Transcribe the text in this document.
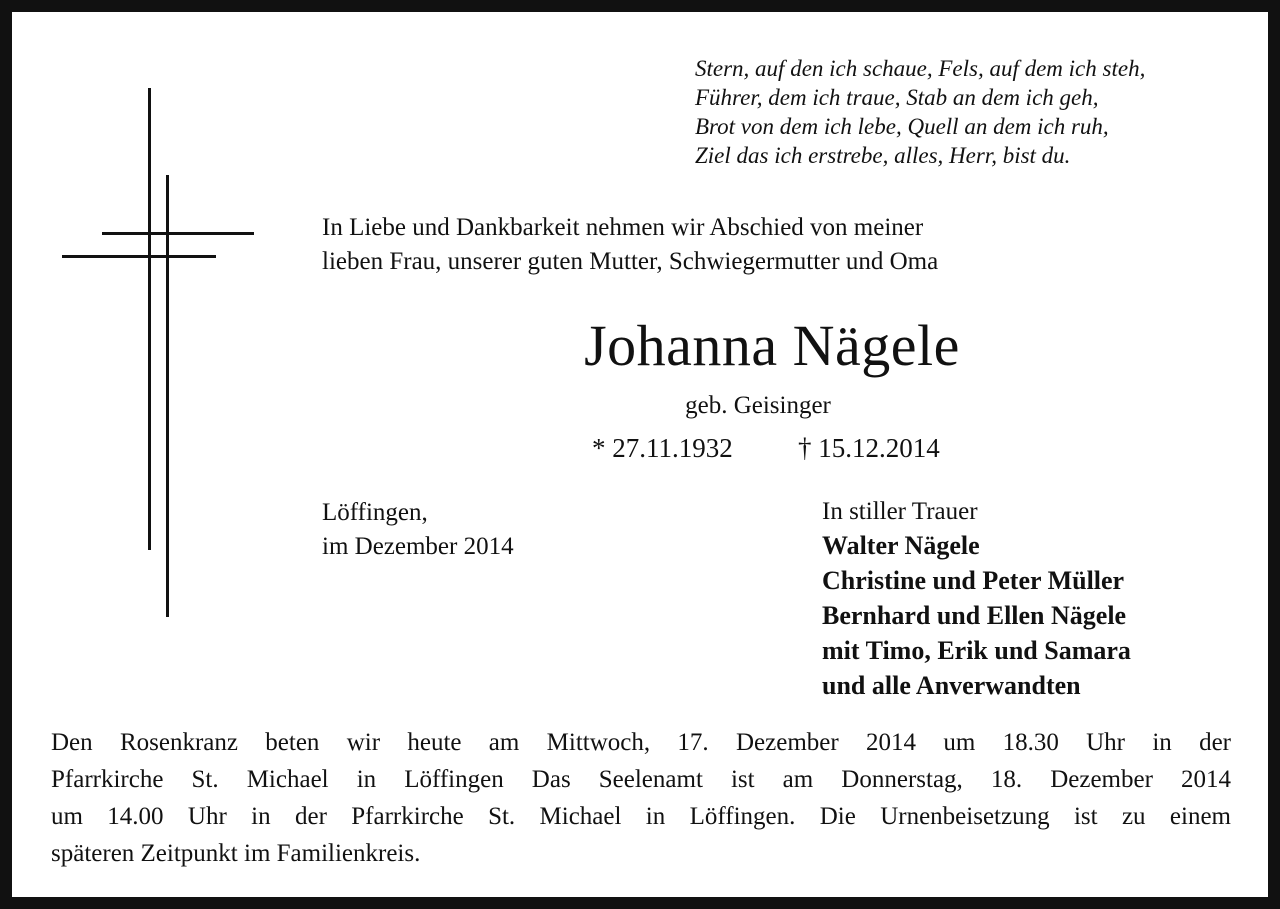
Stern, auf den ich schaue, Fels, auf dem ich steh,
Führer, dem ich traue, Stab an dem ich geh,
Brot von dem ich lebe, Quell an dem ich ruh,
Ziel das ich erstrebe, alles, Herr, bist du.
In Liebe und Dankbarkeit nehmen wir Abschied von meiner
lieben Frau, unserer guten Mutter, Schwiegermutter und Oma
Johanna Nägele
geb. Geisinger
* 27.11.1932 † 15.12.2014
Löffingen,
im Dezember 2014
In stiller Trauer
Walter Nägele
Christine und Peter Müller
Bernhard und Ellen Nägele
mit Timo, Erik und Samara
und alle Anverwandten
Den Rosenkranz beten wir heute am Mittwoch, 17. Dezember 2014 um 18.30 Uhr in der
Pfarrkirche St. Michael in Löffingen Das Seelenamt ist am Donnerstag, 18. Dezember 2014
um 14.00 Uhr in der Pfarrkirche St. Michael in Löffingen. Die Urnenbeisetzung ist zu einem
späteren Zeitpunkt im Familienkreis.
